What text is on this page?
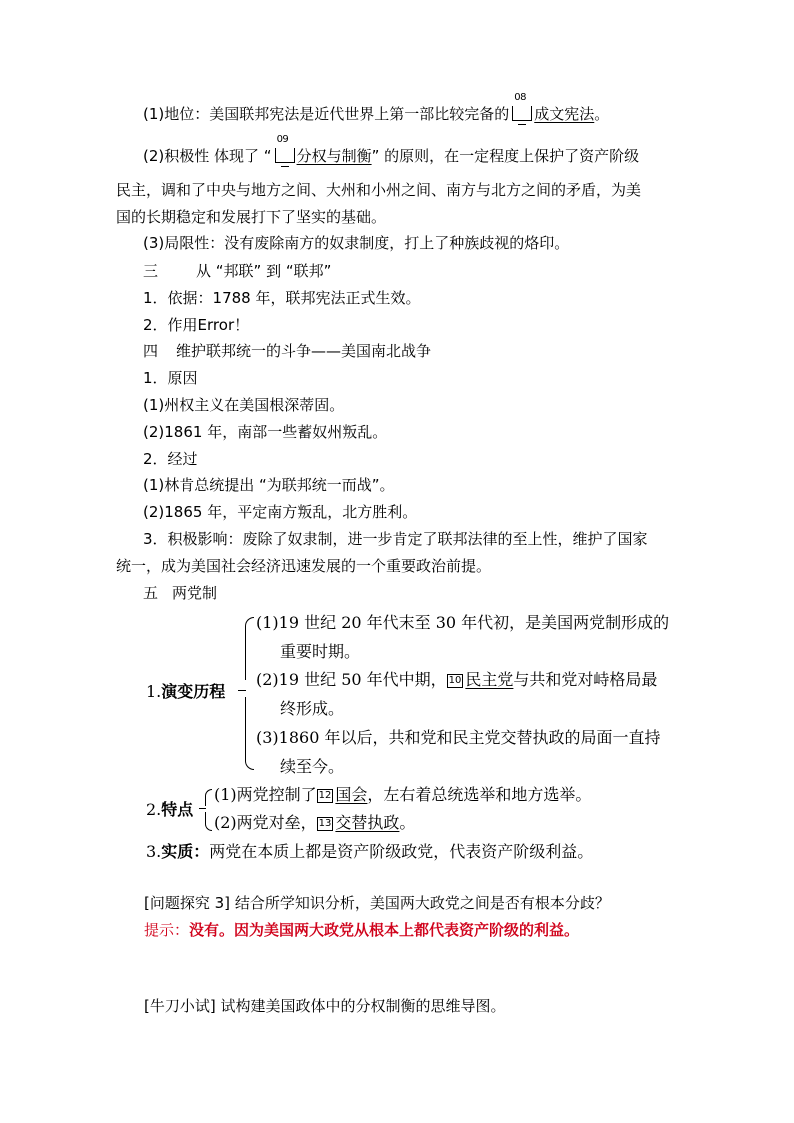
(1)地位：美国联邦宪法是近代世界上第一部比较完备的
08
成文宪法。
(2)积极性 体现了 “
09
分权与制衡” 的原则，在一定程度上保护了资产阶级
民主，调和了中央与地方之间、大州和小州之间、南方与北方之间的矛盾，为美
国的长期稳定和发展打下了坚实的基础。
(3)局限性：没有废除南方的奴隶制度，打上了种族歧视的烙印。
三	从 “邦联” 到 “联邦”
1．依据：1788 年，联邦宪法正式生效。
2．作用Error！
四 维护联邦统一的斗争——美国南北战争
1．原因
(1)州权主义在美国根深蒂固。
(2)1861 年，南部一些蓄奴州叛乱。
2．经过
(1)林肯总统提出 “为联邦统一而战”。
(2)1865 年，平定南方叛乱，北方胜利。
3．积极影响：废除了奴隶制，进一步肯定了联邦法律的至上性，维护了国家
统一，成为美国社会经济迅速发展的一个重要政治前提。
五 两党制
1.演变历程
(1)19 世纪 20 年代末至 30 年代初，是美国两党制形成的
重要时期。
(2)19 世纪 50 年代中期， 10 民主党与共和党对峙格局最
终形成。
(3)1860 年以后，共和党和民主党交替执政的局面一直持
续至今。
2.特点
(1)两党控制了 12 国会，左右着总统选举和地方选举。
(2)两党对垒， 13 交替执政。
3.实质：两党在本质上都是资产阶级政党，代表资产阶级利益。
[问题探究 3] 结合所学知识分析，美国两大政党之间是否有根本分歧？
提示：没有。因为美国两大政党从根本上都代表资产阶级的利益。
[牛刀小试] 试构建美国政体中的分权制衡的思维导图。
